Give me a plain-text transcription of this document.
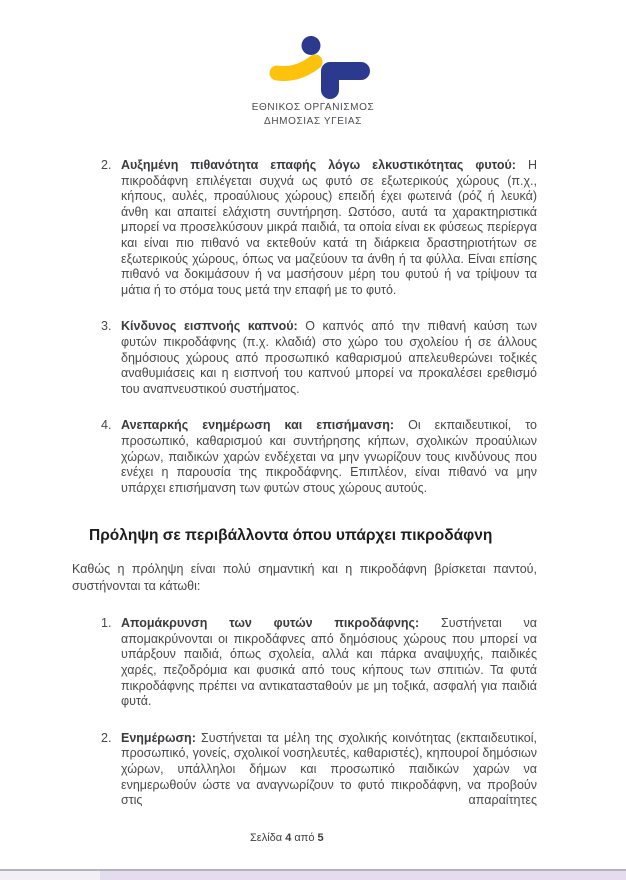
ΕΘΝΙΚΟΣ ΟΡΓΑΝΙΣΜΟΣ
ΔΗΜΟΣΙΑΣ ΥΓΕΙΑΣ
2. Αυξημένη πιθανότητα επαφής λόγω ελκυστικότητας φυτού: Η πικροδάφνη επιλέγεται συχνά ως φυτό σε εξωτερικούς χώρους (π.χ., κήπους, αυλές, προαύλιους χώρους) επειδή έχει φωτεινά (ρόζ ή λευκά) άνθη και απαιτεί ελάχιστη συντήρηση. Ωστόσο, αυτά τα χαρακτηριστικά μπορεί να προσελκύσουν μικρά παιδιά, τα οποία είναι εκ φύσεως περίεργα και είναι πιο πιθανό να εκτεθούν κατά τη διάρκεια δραστηριοτήτων σε εξωτερικούς χώρους, όπως να μαζεύουν τα άνθη ή τα φύλλα. Είναι επίσης πιθανό να δοκιμάσουν ή να μασήσουν μέρη του φυτού ή να τρίψουν τα μάτια ή το στόμα τους μετά την επαφή με το φυτό.
3. Κίνδυνος εισπνοής καπνού: Ο καπνός από την πιθανή καύση των φυτών πικροδάφνης (π.χ. κλαδιά) στο χώρο του σχολείου ή σε άλλους δημόσιους χώρους από προσωπικό καθαρισμού απελευθερώνει τοξικές αναθυμιάσεις και η εισπνοή του καπνού μπορεί να προκαλέσει ερεθισμό του αναπνευστικού συστήματος.
4. Ανεπαρκής ενημέρωση και επισήμανση: Οι εκπαιδευτικοί, το προσωπικό, καθαρισμού και συντήρησης κήπων, σχολικών προαύλιων χώρων, παιδικών χαρών ενδέχεται να μην γνωρίζουν τους κινδύνους που ενέχει η παρουσία της πικροδάφνης. Επιπλέον, είναι πιθανό να μην υπάρχει επισήμανση των φυτών στους χώρους αυτούς.
Πρόληψη σε περιβάλλοντα όπου υπάρχει πικροδάφνη
Καθώς η πρόληψη είναι πολύ σημαντική και η πικροδάφνη βρίσκεται παντού, συστήνονται τα κάτωθι:
1. Απομάκρυνση των φυτών πικροδάφνης: Συστήνεται να απομακρύνονται οι πικροδάφνες από δημόσιους χώρους που μπορεί να υπάρξουν παιδιά, όπως σχολεία, αλλά και πάρκα αναψυχής, παιδικές χαρές, πεζοδρόμια και φυσικά από τους κήπους των σπιτιών. Τα φυτά πικροδάφνης πρέπει να αντικατασταθούν με μη τοξικά, ασφαλή για παιδιά φυτά.
2. Ενημέρωση: Συστήνεται τα μέλη της σχολικής κοινότητας (εκπαιδευτικοί, προσωπικό, γονείς, σχολικοί νοσηλευτές, καθαριστές), κηπουροί δημόσιων χώρων, υπάλληλοι δήμων και προσωπικό παιδικών χαρών να ενημερωθούν ώστε να αναγνωρίζουν το φυτό πικροδάφνη, να προβούν στις απαραίτητες
Σελίδα 4 από 5
